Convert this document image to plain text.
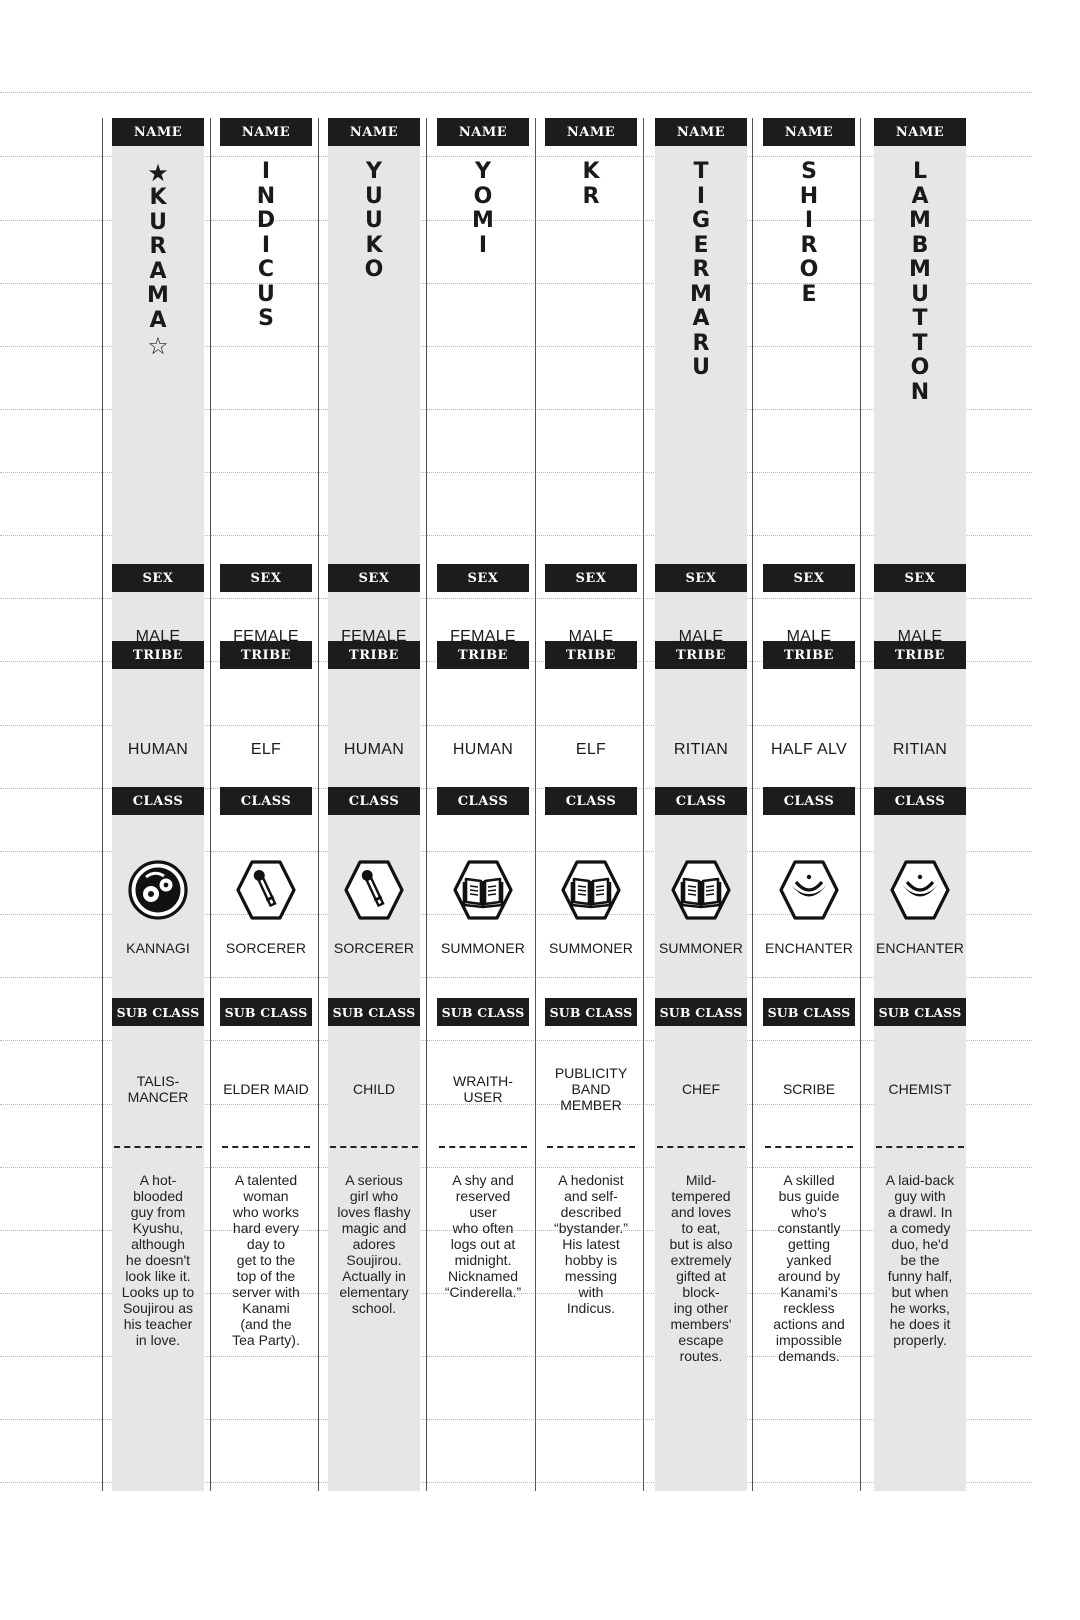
NAME
SEX
TRIBE
CLASS
SUB CLASS
★
K
U
R
A
M
A
☆
MALE
HUMAN
KANNAGI
TALIS-
MANCER
A hot-
blooded
guy from
Kyushu,
although
he doesn't
look like it.
Looks up to
Soujirou as
his teacher
in love.
NAME
SEX
TRIBE
CLASS
SUB CLASS
I
N
D
I
C
U
S
FEMALE
ELF
SORCERER
ELDER MAID
A talented
woman
who works
hard every
day to
get to the
top of the
server with
Kanami
(and the
Tea Party).
NAME
SEX
TRIBE
CLASS
SUB CLASS
Y
U
U
K
O
FEMALE
HUMAN
SORCERER
CHILD
A serious
girl who
loves flashy
magic and
adores
Soujirou.
Actually in
elementary
school.
NAME
SEX
TRIBE
CLASS
SUB CLASS
Y
O
M
I
FEMALE
HUMAN
SUMMONER
WRAITH-
USER
A shy and
reserved
user
who often
logs out at
midnight.
Nicknamed
“Cinderella.”
NAME
SEX
TRIBE
CLASS
SUB CLASS
K
R
MALE
ELF
SUMMONER
PUBLICITY
BAND
MEMBER
A hedonist
and self-
described
“bystander.”
His latest
hobby is
messing
with
Indicus.
NAME
SEX
TRIBE
CLASS
SUB CLASS
T
I
G
E
R
M
A
R
U
MALE
RITIAN
SUMMONER
CHEF
Mild-
tempered
and loves
to eat,
but is also
extremely
gifted at
block-
ing other
members'
escape
routes.
NAME
SEX
TRIBE
CLASS
SUB CLASS
S
H
I
R
O
E
MALE
HALF ALV
ENCHANTER
SCRIBE
A skilled
bus guide
who's
constantly
getting
yanked
around by
Kanami's
reckless
actions and
impossible
demands.
NAME
SEX
TRIBE
CLASS
SUB CLASS
L
A
M
B
M
U
T
T
O
N
MALE
RITIAN
ENCHANTER
CHEMIST
A laid-back
guy with
a drawl. In
a comedy
duo, he'd
be the
funny half,
but when
he works,
he does it
properly.
